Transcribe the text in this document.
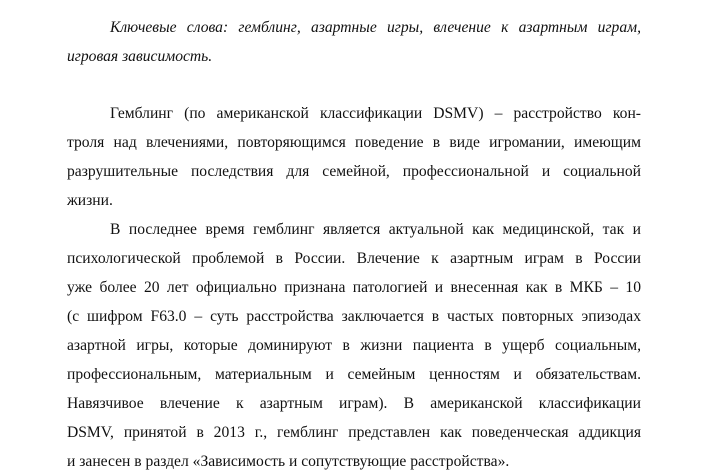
Ключевые слова: гемблинг, азартные игры, влечение к азартным играм,
игровая зависимость.
Гемблинг (по американской классификации DSMV) – расстройство кон-
троля над влечениями, повторяющимся поведение в виде игромании, имеющим
разрушительные последствия для семейной, профессиональной и социальной
жизни.
В последнее время гемблинг является актуальной как медицинской, так и
психологической проблемой в России. Влечение к азартным играм в России
уже более 20 лет официально признана патологией и внесенная как в МКБ – 10
(с шифром F63.0 – суть расстройства заключается в частых повторных эпизодах
азартной игры, которые доминируют в жизни пациента в ущерб социальным,
профессиональным, материальным и семейным ценностям и обязательствам.
Навязчивое влечение к азартным играм). В американской классификации
DSMV, принятой в 2013 г., гемблинг представлен как поведенческая аддикция
и занесен в раздел «Зависимость и сопутствующие расстройства».
